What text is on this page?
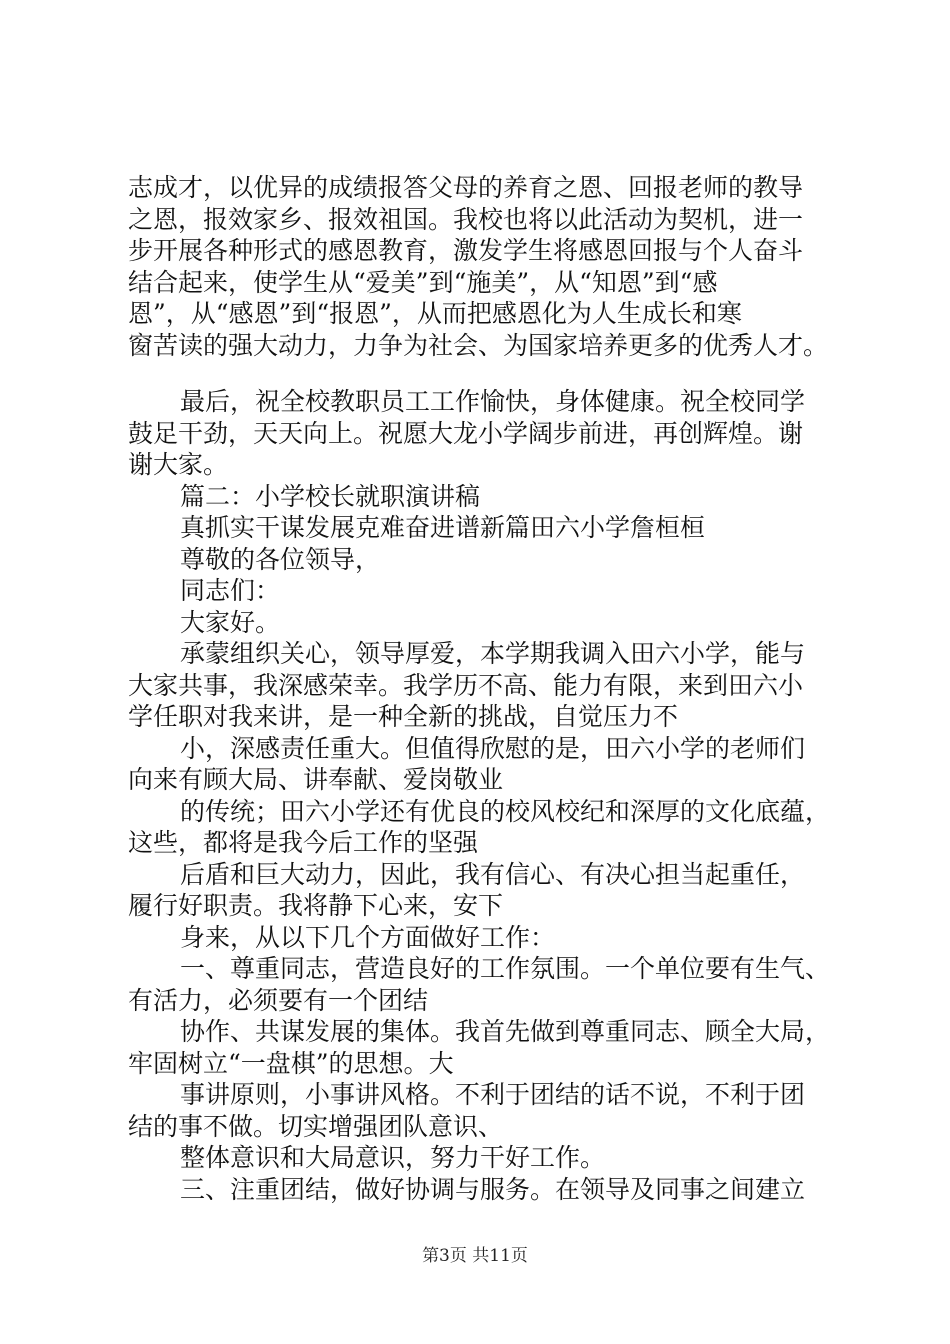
志成才，以优异的成绩报答父母的养育之恩、回报老师的教导
之恩，报效家乡、报效祖国。我校也将以此活动为契机，进一
步开展各种形式的感恩教育，激发学生将感恩回报与个人奋斗
结合起来，使学生从“爱美”到“施美”，从“知恩”到“感
恩”，从“感恩”到“报恩”，从而把感恩化为人生成长和寒
窗苦读的强大动力，力争为社会、为国家培养更多的优秀人才。
最后，祝全校教职员工工作愉快，身体健康。祝全校同学
鼓足干劲，天天向上。祝愿大龙小学阔步前进，再创辉煌。谢
谢大家。
篇二：小学校长就职演讲稿
真抓实干谋发展克难奋进谱新篇田六小学詹桓桓
尊敬的各位领导，
同志们：
大家好。
承蒙组织关心，领导厚爱，本学期我调入田六小学，能与
大家共事，我深感荣幸。我学历不高、能力有限，来到田六小
学任职对我来讲，是一种全新的挑战，自觉压力不
小，深感责任重大。但值得欣慰的是，田六小学的老师们
向来有顾大局、讲奉献、爱岗敬业
的传统；田六小学还有优良的校风校纪和深厚的文化底蕴，
这些，都将是我今后工作的坚强
后盾和巨大动力，因此，我有信心、有决心担当起重任，
履行好职责。我将静下心来，安下
身来，从以下几个方面做好工作：
一、尊重同志，营造良好的工作氛围。一个单位要有生气、
有活力，必须要有一个团结
协作、共谋发展的集体。我首先做到尊重同志、顾全大局，
牢固树立“一盘棋”的思想。大
事讲原则，小事讲风格。不利于团结的话不说，不利于团
结的事不做。切实增强团队意识、
整体意识和大局意识，努力干好工作。
三、注重团结，做好协调与服务。在领导及同事之间建立
第3页 共11页
